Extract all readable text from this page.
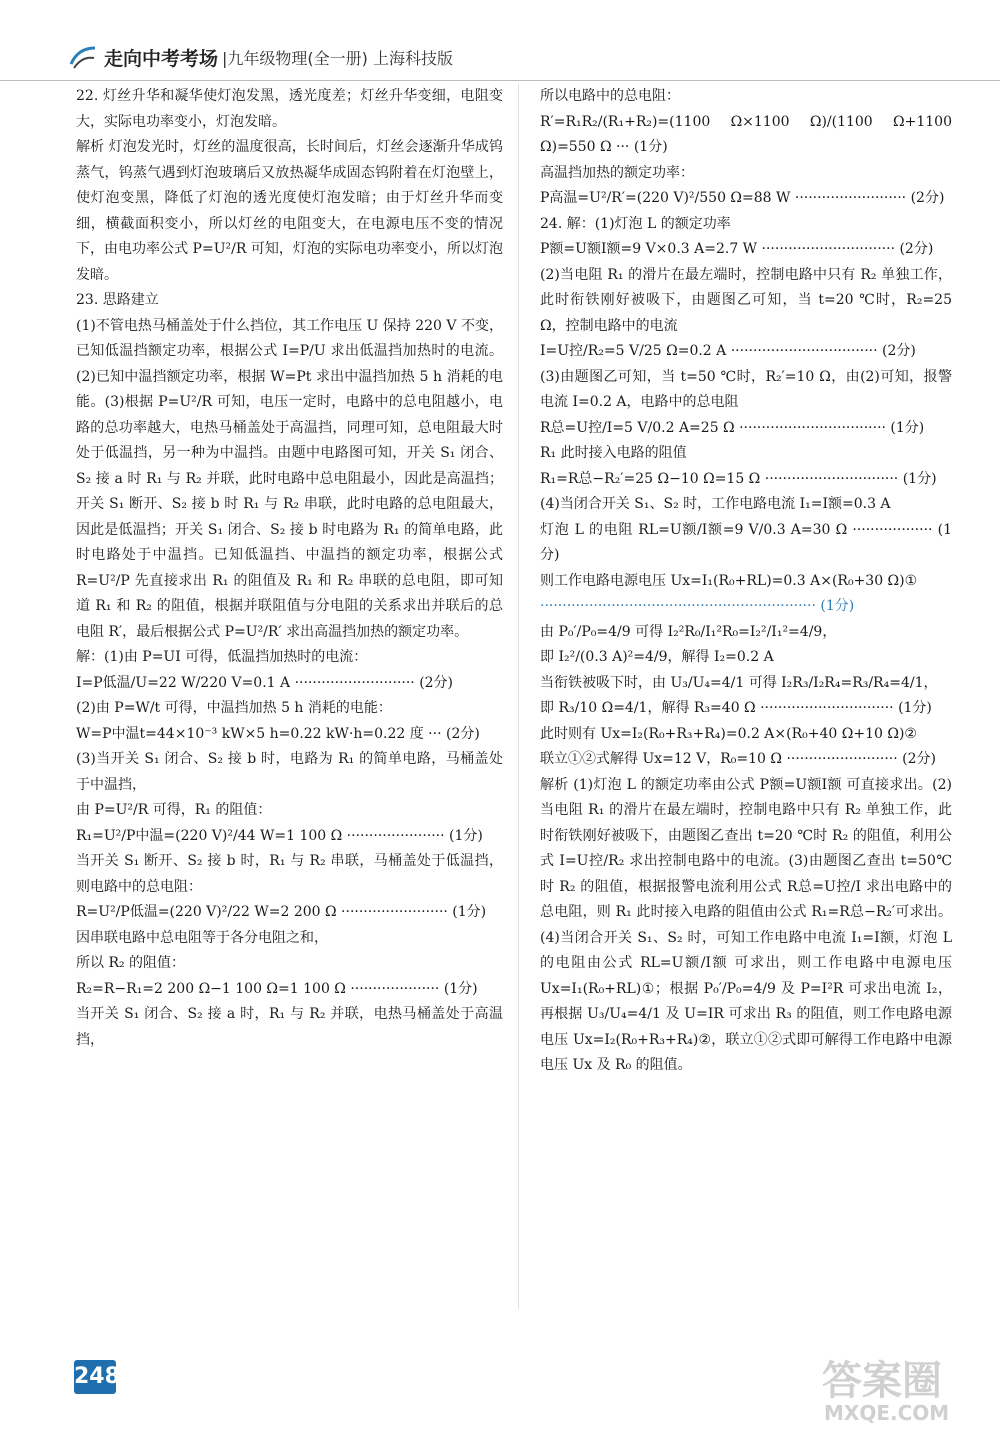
走向中考考场 |九年级物理(全一册) 上海科技版

22. 灯丝升华和凝华使灯泡发黑，透光度差；灯丝升华变细，电阻变大，实际电功率变小，灯泡发暗。

解析 灯泡发光时，灯丝的温度很高，长时间后，灯丝会逐渐升华成钨蒸气，钨蒸气遇到灯泡玻璃后又放热凝华成固态钨附着在灯泡壁上，使灯泡变黑，降低了灯泡的透光度使灯泡发暗；由于灯丝升华而变细，横截面积变小，所以灯丝的电阻变大，在电源电压不变的情况下，由电功率公式 P=U²/R 可知，灯泡的实际电功率变小，所以灯泡发暗。

23. 思路建立

(1)不管电热马桶盖处于什么挡位，其工作电压 U 保持 220 V 不变，已知低温挡额定功率，根据公式 I=P/U 求出低温挡加热时的电流。(2)已知中温挡额定功率，根据 W=Pt 求出中温挡加热 5 h 消耗的电能。(3)根据 P=U²/R 可知，电压一定时，电路中的总电阻越小，电路的总功率越大，电热马桶盖处于高温挡，同理可知，总电阻最大时处于低温挡，另一种为中温挡。由题中电路图可知，开关 S₁ 闭合、S₂ 接 a 时 R₁ 与 R₂ 并联，此时电路中总电阻最小，因此是高温挡；开关 S₁ 断开、S₂ 接 b 时 R₁ 与 R₂ 串联，此时电路的总电阻最大，因此是低温挡；开关 S₁ 闭合、S₂ 接 b 时电路为 R₁ 的简单电路，此时电路处于中温挡。已知低温挡、中温挡的额定功率，根据公式 R=U²/P 先直接求出 R₁ 的阻值及 R₁ 和 R₂ 串联的总电阻，即可知道 R₁ 和 R₂ 的阻值，根据并联阻值与分电阻的关系求出并联后的总电阻 R′，最后根据公式 P=U²/R′ 求出高温挡加热的额定功率。

解：(1)由 P=UI 可得，低温挡加热时的电流：

I=P低温/U=22 W/220 V=0.1 A ··························· (2分)

(2)由 P=W/t 可得，中温挡加热 5 h 消耗的电能：

W=P中温t=44×10⁻³ kW×5 h=0.22 kW·h=0.22 度 ··· (2分)

(3)当开关 S₁ 闭合、S₂ 接 b 时，电路为 R₁ 的简单电路，马桶盖处于中温挡，

由 P=U²/R 可得，R₁ 的阻值：

R₁=U²/P中温=(220 V)²/44 W=1 100 Ω ······················ (1分)

当开关 S₁ 断开、S₂ 接 b 时，R₁ 与 R₂ 串联，马桶盖处于低温挡，则电路中的总电阻：

R=U²/P低温=(220 V)²/22 W=2 200 Ω ························ (1分)

因串联电路中总电阻等于各分电阻之和，

所以 R₂ 的阻值：

R₂=R−R₁=2 200 Ω−1 100 Ω=1 100 Ω ···················· (1分)

当开关 S₁ 闭合、S₂ 接 a 时，R₁ 与 R₂ 并联，电热马桶盖处于高温挡，

所以电路中的总电阻：

R′=R₁R₂/(R₁+R₂)=(1100 Ω×1100 Ω)/(1100 Ω+1100 Ω)=550 Ω ··· (1分)

高温挡加热的额定功率：

P高温=U²/R′=(220 V)²/550 Ω=88 W ························· (2分)

24. 解：(1)灯泡 L 的额定功率

P额=U额I额=9 V×0.3 A=2.7 W ······························ (2分)

(2)当电阻 R₁ 的滑片在最左端时，控制电路中只有 R₂ 单独工作，此时衔铁刚好被吸下，由题图乙可知，当 t=20 ℃时，R₂=25 Ω，控制电路中的电流

I=U控/R₂=5 V/25 Ω=0.2 A ································· (2分)

(3)由题图乙可知，当 t=50 ℃时，R₂′=10 Ω，由(2)可知，报警电流 I=0.2 A，电路中的总电阻

R总=U控/I=5 V/0.2 A=25 Ω ································· (1分)

R₁ 此时接入电路的阻值

R₁=R总−R₂′=25 Ω−10 Ω=15 Ω ······························ (1分)

(4)当闭合开关 S₁、S₂ 时，工作电路电流 I₁=I额=0.3 A

灯泡 L 的电阻 RL=U额/I额=9 V/0.3 A=30 Ω ·················· (1分)

则工作电路电源电压 Ux=I₁(R₀+RL)=0.3 A×(R₀+30 Ω)①

······························································ (1分)

由 P₀′/P₀=4/9 可得 I₂²R₀/I₁²R₀=I₂²/I₁²=4/9，

即 I₂²/(0.3 A)²=4/9，解得 I₂=0.2 A

当衔铁被吸下时，由 U₃/U₄=4/1 可得 I₂R₃/I₂R₄=R₃/R₄=4/1，

即 R₃/10 Ω=4/1，解得 R₃=40 Ω ······························ (1分)

此时则有 Ux=I₂(R₀+R₃+R₄)=0.2 A×(R₀+40 Ω+10 Ω)②

联立①②式解得 Ux=12 V，R₀=10 Ω ························· (2分)

解析 (1)灯泡 L 的额定功率由公式 P额=U额I额 可直接求出。(2)当电阻 R₁ 的滑片在最左端时，控制电路中只有 R₂ 单独工作，此时衔铁刚好被吸下，由题图乙查出 t=20 ℃时 R₂ 的阻值，利用公式 I=U控/R₂ 求出控制电路中的电流。(3)由题图乙查出 t=50℃时 R₂ 的阻值，根据报警电流利用公式 R总=U控/I 求出电路中的总电阻，则 R₁ 此时接入电路的阻值由公式 R₁=R总−R₂′可求出。(4)当闭合开关 S₁、S₂ 时，可知工作电路中电流 I₁=I额，灯泡 L 的电阻由公式 RL=U额/I额 可求出，则工作电路中电源电压 Ux=I₁(R₀+RL)①；根据 P₀′/P₀=4/9 及 P=I²R 可求出电流 I₂，再根据 U₃/U₄=4/1 及 U=IR 可求出 R₃ 的阻值，则工作电路电源电压 Ux=I₂(R₀+R₃+R₄)②，联立①②式即可解得工作电路中电源电压 Ux 及 R₀ 的阻值。

248	答案圈
MXQE.COM
